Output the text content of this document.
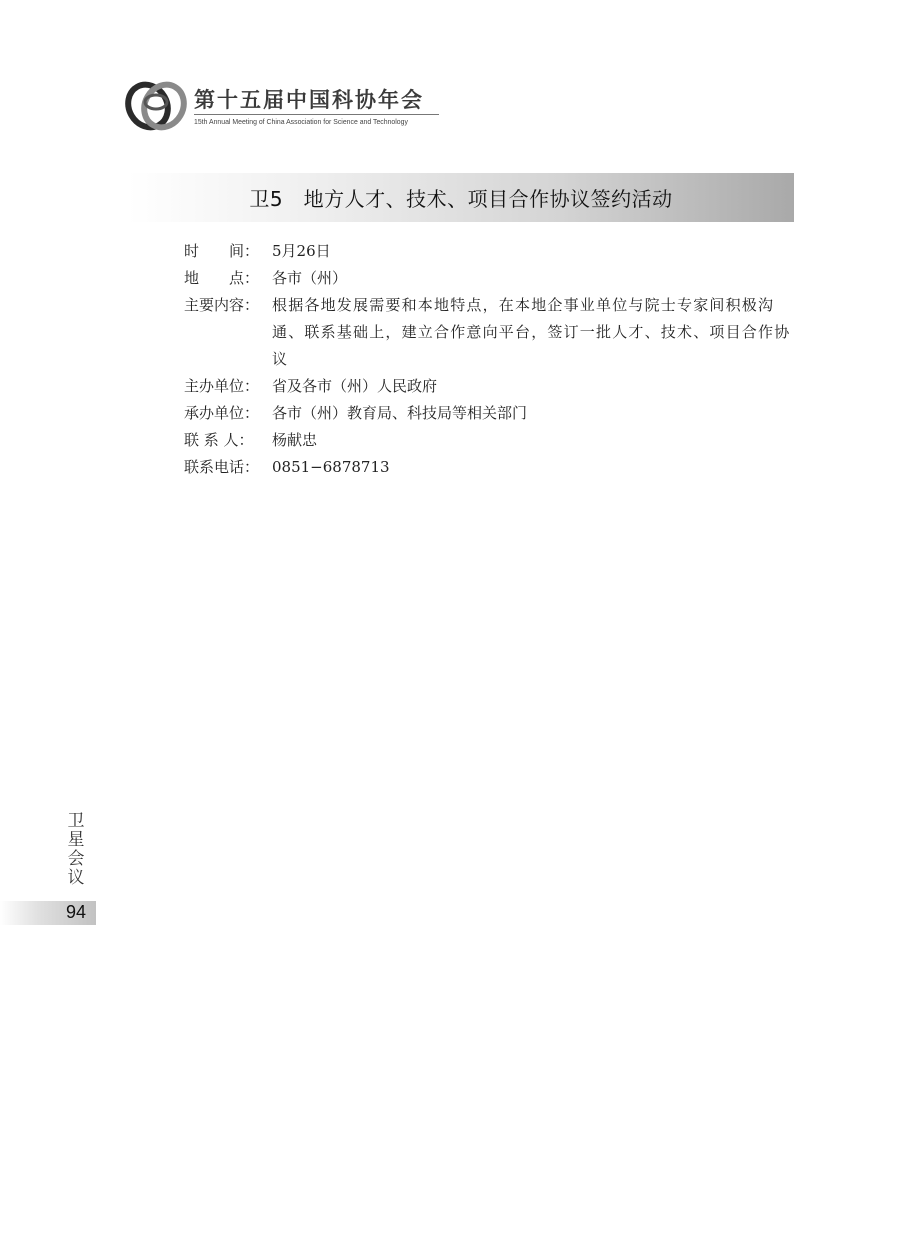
第十五届中国科协年会
15th Annual Meeting of China Association for Science and Technology
卫5　地方人才、技术、项目合作协议签约活动
时　　间： 5月26日
地　　点： 各市（州）
主要内容： 根据各地发展需要和本地特点，在本地企事业单位与院士专家间积极沟通、联系基础上，建立合作意向平台，签订一批人才、技术、项目合作协议
主办单位： 省及各市（州）人民政府
承办单位： 各市（州）教育局、科技局等相关部门
联 系 人：	杨献忠
联系电话： 0851−6878713
卫星会议
94
